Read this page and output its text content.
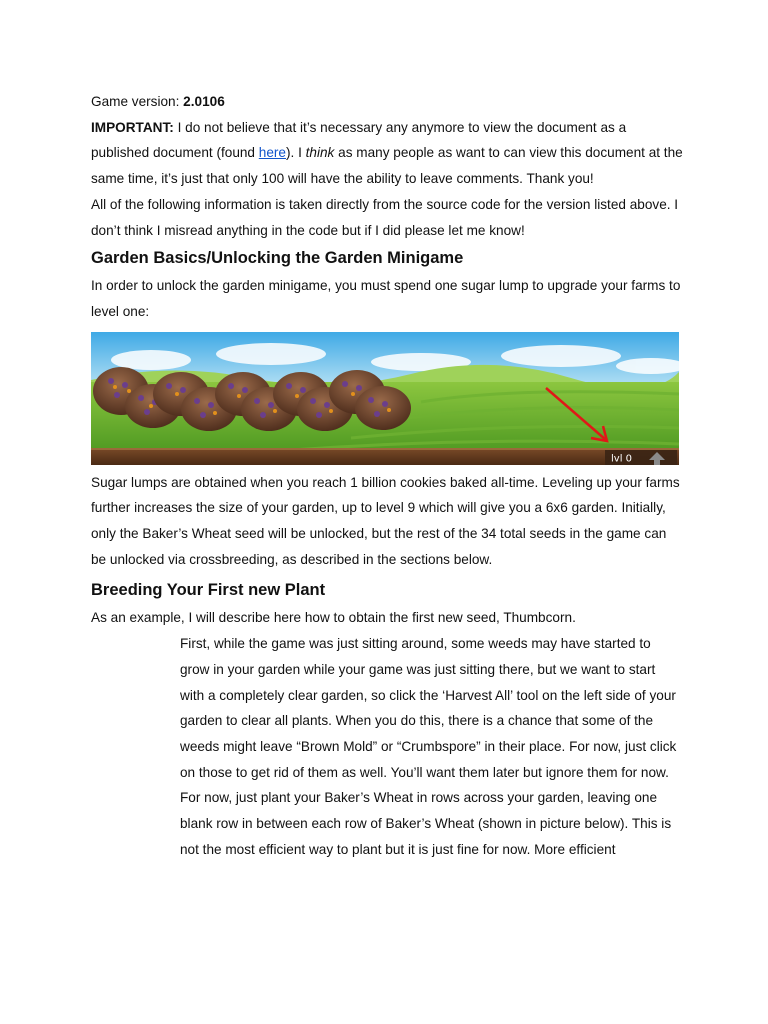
Game version: 2.0106

IMPORTANT: I do not believe that it’s necessary any anymore to view the document as a published document (found here). I think as many people as want to can view this document at the same time, it’s just that only 100 will have the ability to leave comments. Thank you!

All of the following information is taken directly from the source code for the version listed above. I don’t think I misread anything in the code but if I did please let me know!

Garden Basics/Unlocking the Garden Minigame

In order to unlock the garden minigame, you must spend one sugar lump to upgrade your farms to level one:

lvl 0

Sugar lumps are obtained when you reach 1 billion cookies baked all-time. Leveling up your farms further increases the size of your garden, up to level 9 which will give you a 6x6 garden. Initially, only the Baker’s Wheat seed will be unlocked, but the rest of the 34 total seeds in the game can be unlocked via crossbreeding, as described in the sections below.

Breeding Your First new Plant

As an example, I will describe here how to obtain the first new seed, Thumbcorn.

First, while the game was just sitting around, some weeds may have started to grow in your garden while your game was just sitting there, but we want to start with a completely clear garden, so click the ‘Harvest All’ tool on the left side of your garden to clear all plants. When you do this, there is a chance that some of the weeds might leave “Brown Mold” or “Crumbspore” in their place. For now, just click on those to get rid of them as well. You’ll want them later but ignore them for now.

For now, just plant your Baker’s Wheat in rows across your garden, leaving one blank row in between each row of Baker’s Wheat (shown in picture below). This is not the most efficient way to plant but it is just fine for now. More efficient
